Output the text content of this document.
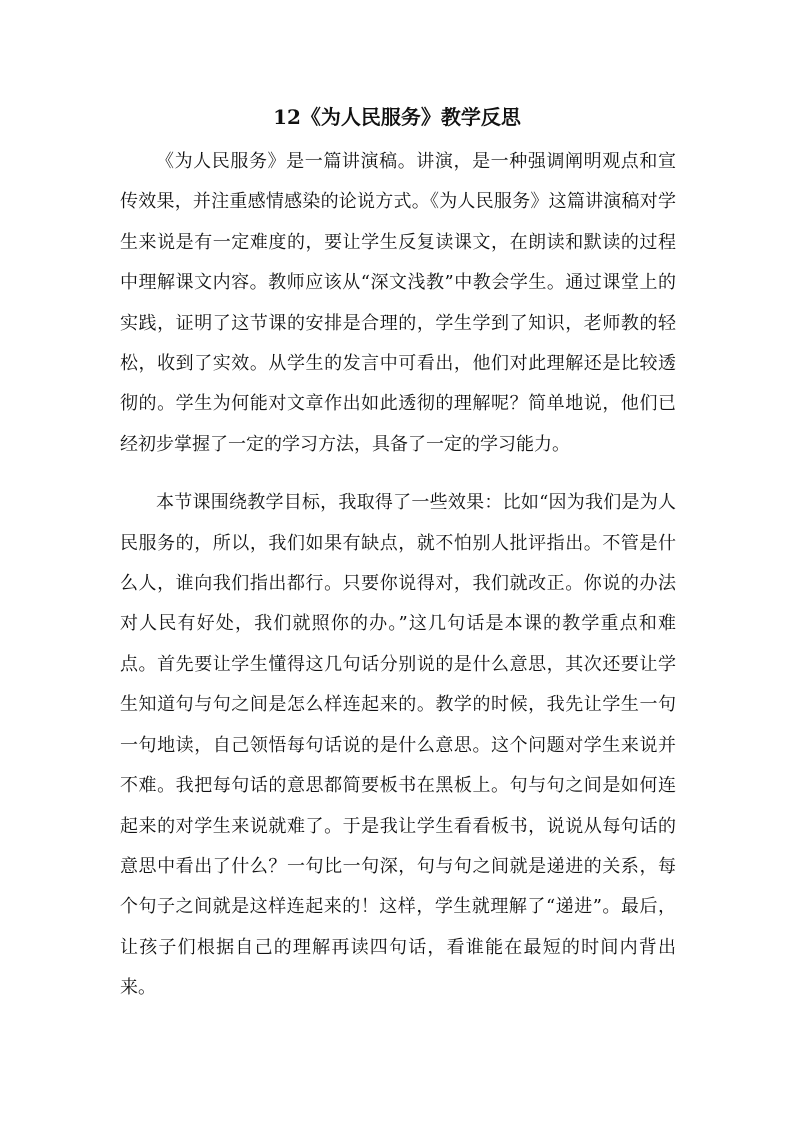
12《为人民服务》教学反思

《为人民服务》是一篇讲演稿。讲演，是一种强调阐明观点和宣传效果，并注重感情感染的论说方式。《为人民服务》这篇讲演稿对学生来说是有一定难度的，要让学生反复读课文，在朗读和默读的过程中理解课文内容。教师应该从“深文浅教”中教会学生。通过课堂上的实践，证明了这节课的安排是合理的，学生学到了知识，老师教的轻松，收到了实效。从学生的发言中可看出，他们对此理解还是比较透彻的。学生为何能对文章作出如此透彻的理解呢？简单地说，他们已经初步掌握了一定的学习方法，具备了一定的学习能力。

本节课围绕教学目标，我取得了一些效果：比如“因为我们是为人民服务的，所以，我们如果有缺点，就不怕别人批评指出。不管是什么人，谁向我们指出都行。只要你说得对，我们就改正。你说的办法对人民有好处，我们就照你的办。”这几句话是本课的教学重点和难点。首先要让学生懂得这几句话分别说的是什么意思，其次还要让学生知道句与句之间是怎么样连起来的。教学的时候，我先让学生一句一句地读，自己领悟每句话说的是什么意思。这个问题对学生来说并不难。我把每句话的意思都简要板书在黑板上。句与句之间是如何连起来的对学生来说就难了。于是我让学生看看板书，说说从每句话的意思中看出了什么？一句比一句深，句与句之间就是递进的关系，每个句子之间就是这样连起来的！这样，学生就理解了“递进”。最后，让孩子们根据自己的理解再读四句话，看谁能在最短的时间内背出来。
